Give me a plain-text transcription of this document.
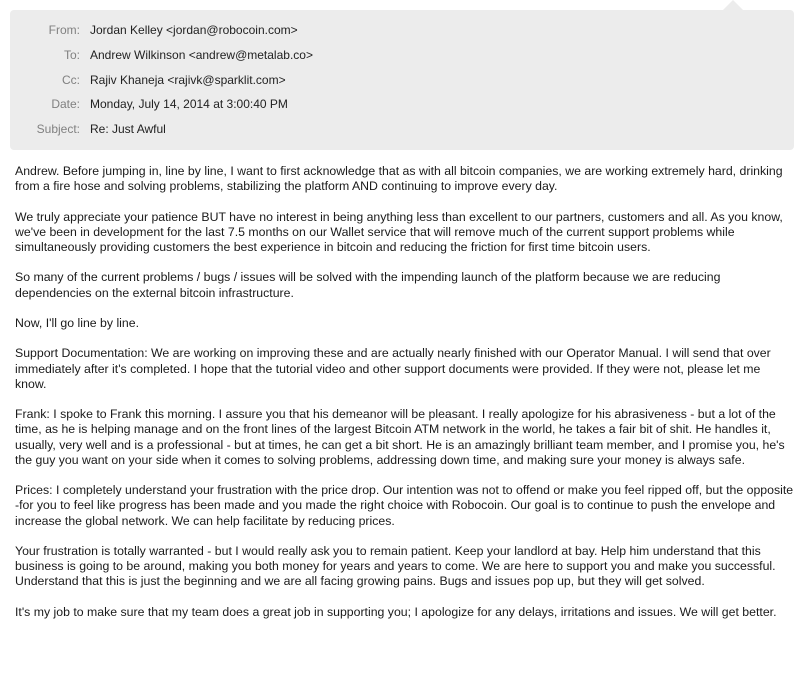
From: Jordan Kelley <jordan@robocoin.com>
To: Andrew Wilkinson <andrew@metalab.co>
Cc: Rajiv Khaneja <rajivk@sparklit.com>
Date: Monday, July 14, 2014 at 3:00:40 PM
Subject: Re: Just Awful

Andrew. Before jumping in, line by line, I want to first acknowledge that as with all bitcoin companies, we are working extremely hard, drinking from a fire hose and solving problems, stabilizing the platform AND continuing to improve every day.

We truly appreciate your patience BUT have no interest in being anything less than excellent to our partners, customers and all. As you know, we've been in development for the last 7.5 months on our Wallet service that will remove much of the current support problems while simultaneously providing customers the best experience in bitcoin and reducing the friction for first time bitcoin users.

So many of the current problems / bugs / issues will be solved with the impending launch of the platform because we are reducing dependencies on the external bitcoin infrastructure.

Now, I'll go line by line.

Support Documentation: We are working on improving these and are actually nearly finished with our Operator Manual. I will send that over immediately after it's completed. I hope that the tutorial video and other support documents were provided. If they were not, please let me know.

Frank: I spoke to Frank this morning. I assure you that his demeanor will be pleasant. I really apologize for his abrasiveness - but a lot of the time, as he is helping manage and on the front lines of the largest Bitcoin ATM network in the world, he takes a fair bit of shit. He handles it, usually, very well and is a professional - but at times, he can get a bit short. He is an amazingly brilliant team member, and I promise you, he's the guy you want on your side when it comes to solving problems, addressing down time, and making sure your money is always safe.

Prices: I completely understand your frustration with the price drop. Our intention was not to offend or make you feel ripped off, but the opposite -for you to feel like progress has been made and you made the right choice with Robocoin. Our goal is to continue to push the envelope and increase the global network. We can help facilitate by reducing prices.

Your frustration is totally warranted - but I would really ask you to remain patient. Keep your landlord at bay. Help him understand that this business is going to be around, making you both money for years and years to come. We are here to support you and make you successful. Understand that this is just the beginning and we are all facing growing pains. Bugs and issues pop up, but they will get solved.

It's my job to make sure that my team does a great job in supporting you; I apologize for any delays, irritations and issues. We will get better.
